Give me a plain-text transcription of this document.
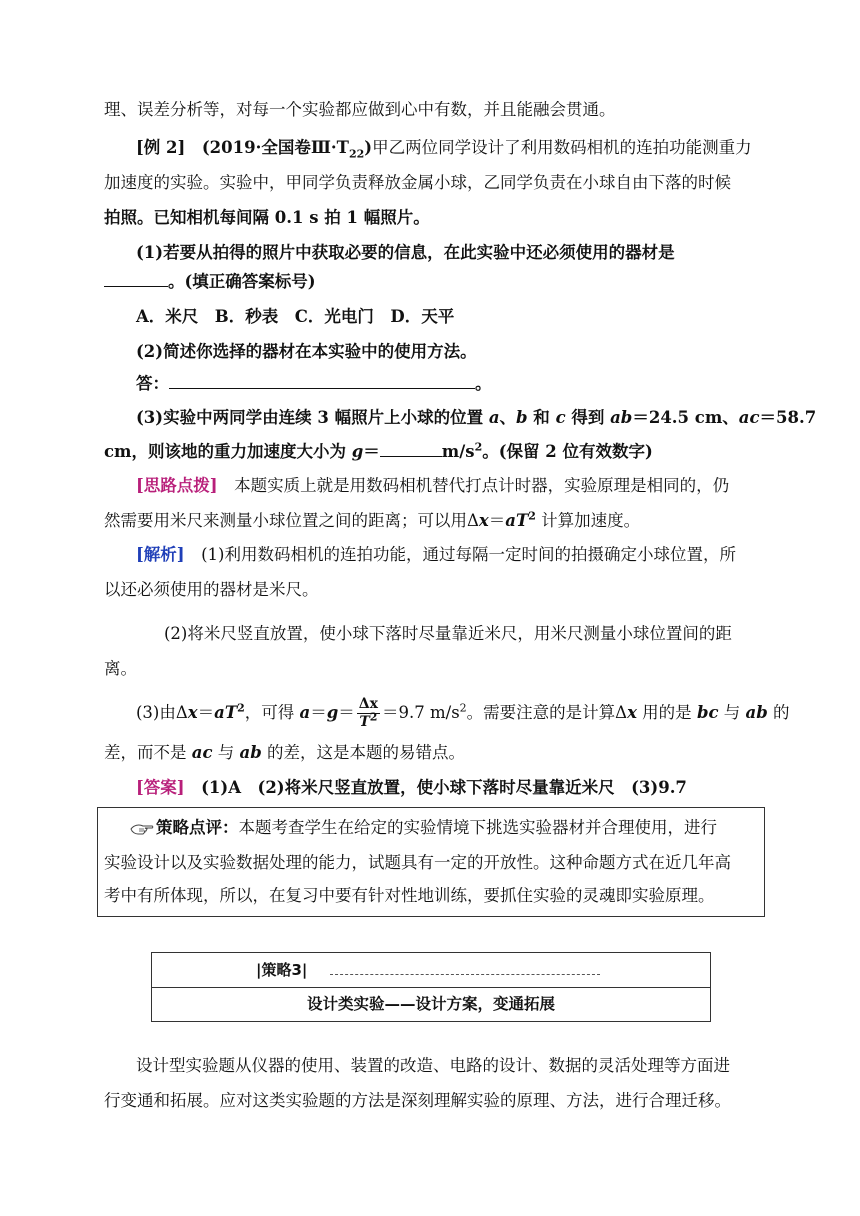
理、误差分析等，对每一个实验都应做到心中有数，并且能融会贯通。
[例 2]　 (2019·全国卷$Ⅲ\cdot T_{22}$)甲乙两位同学设计了利用数码相机的连拍功能测重力
加速度的实验。实验中，甲同学负责释放金属小球，乙同学负责在小球自由下落的时候
拍照。已知相机每间隔 0.1 s 拍 1 幅照片。
(1)若要从拍得的照片中获取必要的信息，在此实验中还必须使用的器材是
。(填正确答案标号)
A．米尺　B．秒表　C．光电门　D．天平
(2)简述你选择的器材在本实验中的使用方法。
答：	。
(3)实验中两同学由连续 3 幅照片上小球的位置 a、b 和 c 得到 ab＝24.5 cm、ac＝58.7
cm，则该地的重力加速度大小为 g＝	$m/s^2$。(保留 2 位有效数字)
[思路点拨]　本题实质上就是用数码相机替代打点计时器，实验原理是相同的，仍
然需要用米尺来测量小球位置之间的距离；可以用$\Delta x=aT^2$ 计算加速度。
[解析]　(1)利用数码相机的连拍功能，通过每隔一定时间的拍摄确定小球位置，所
以还必须使用的器材是米尺。
(2)将米尺竖直放置，使小球下落时尽量靠近米尺，用米尺测量小球位置间的距
离。
(3)由$\Delta x=aT^2$，可得 $a=g= \frac{\Delta x}{T^2} =9.7$ $m/s^2$。需要注意的是计算Δx 用的是 bc 与 ab 的
差，而不是 ac 与 ab 的差，这是本题的易错点。
[答案]　(1)A　(2)将米尺竖直放置，使小球下落时尽量靠近米尺　(3)9.7
策略点评：本题考查学生在给定的实验情境下挑选实验器材并合理使用，进行
实验设计以及实验数据处理的能力，试题具有一定的开放性。这种命题方式在近几年高
考中有所体现，所以，在复习中要有针对性地训练，要抓住实验的灵魂即实验原理。
|策略3|
设计类实验——设计方案，变通拓展
设计型实验题从仪器的使用、装置的改造、电路的设计、数据的灵活处理等方面进
行变通和拓展。应对这类实验题的方法是深刻理解实验的原理、方法，进行合理迁移。
